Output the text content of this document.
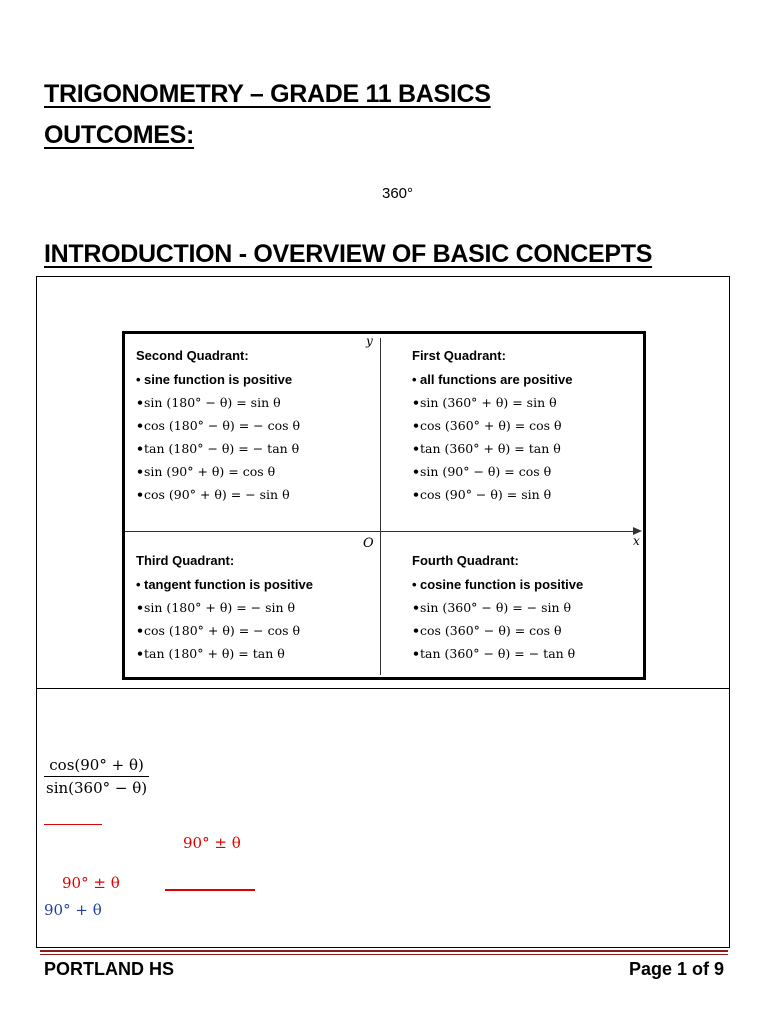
TRIGONOMETRY – GRADE 11 BASICS
OUTCOMES:
360°
INTRODUCTION - OVERVIEW OF BASIC CONCEPTS
y
x
O
Second Quadrant:
• sine function is positive
•sin (180° − θ) = sin θ
•cos (180° − θ) = − cos θ
•tan (180° − θ) = − tan θ
•sin (90° + θ) = cos θ
•cos (90° + θ) = − sin θ
First Quadrant:
• all functions are positive
•sin (360° + θ) = sin θ
•cos (360° + θ) = cos θ
•tan (360° + θ) = tan θ
•sin (90° − θ) = cos θ
•cos (90° − θ) = sin θ
Third Quadrant:
• tangent function is positive
•sin (180° + θ) = − sin θ
•cos (180° + θ) = − cos θ
•tan (180° + θ) = tan θ
Fourth Quadrant:
• cosine function is positive
•sin (360° − θ) = − sin θ
•cos (360° − θ) = cos θ
•tan (360° − θ) = − tan θ
$\frac{\cos(90^\circ + \theta)}{\sin(360^\circ - \theta)}$
90° ± θ
90° ± θ
90° + θ
PORTLAND HS	Page 1 of 9
